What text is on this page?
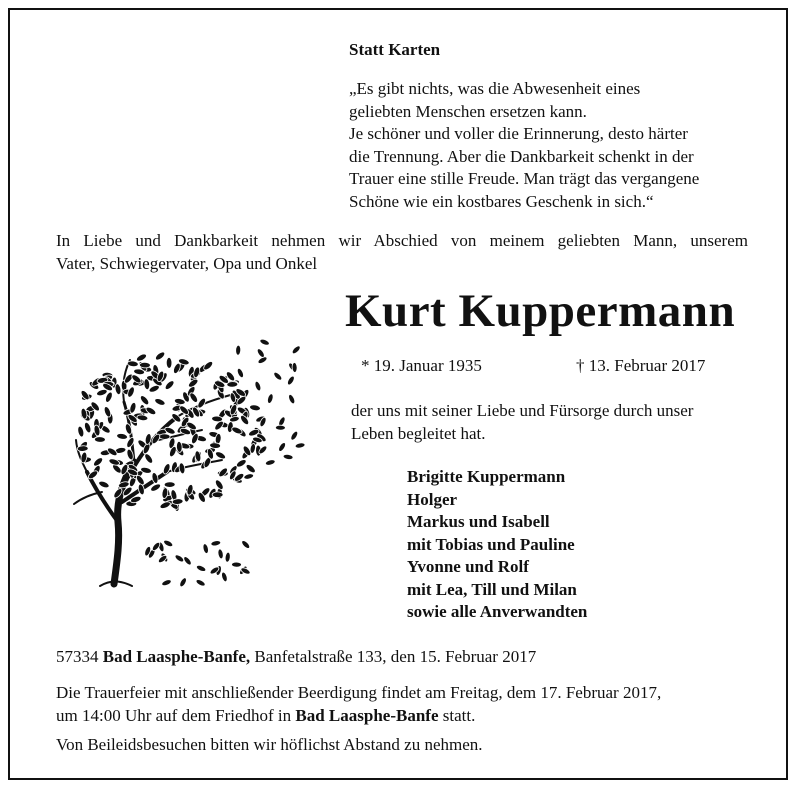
Statt Karten
„Es gibt nichts, was die Abwesenheit eines
geliebten Menschen ersetzen kann.
Je schöner und voller die Erinnerung, desto härter
die Trennung. Aber die Dankbarkeit schenkt in der
Trauer eine stille Freude. Man trägt das vergangene
Schöne wie ein kostbares Geschenk in sich.“
In Liebe und Dankbarkeit nehmen wir Abschied von meinem geliebten Mann, unserem
Vater, Schwiegervater, Opa und Onkel
Kurt Kuppermann
* 19. Januar 1935	† 13. Februar 2017
der uns mit seiner Liebe und Fürsorge durch unser
Leben begleitet hat.
Brigitte Kuppermann
Holger
Markus und Isabell
mit Tobias und Pauline
Yvonne und Rolf
mit Lea, Till und Milan
sowie alle Anverwandten
57334 Bad Laasphe-Banfe, Banfetalstraße 133, den 15. Februar 2017
Die Trauerfeier mit anschließender Beerdigung findet am Freitag, dem 17. Februar 2017,
um 14:00 Uhr auf dem Friedhof in Bad Laasphe-Banfe statt.
Von Beileidsbesuchen bitten wir höflichst Abstand zu nehmen.
